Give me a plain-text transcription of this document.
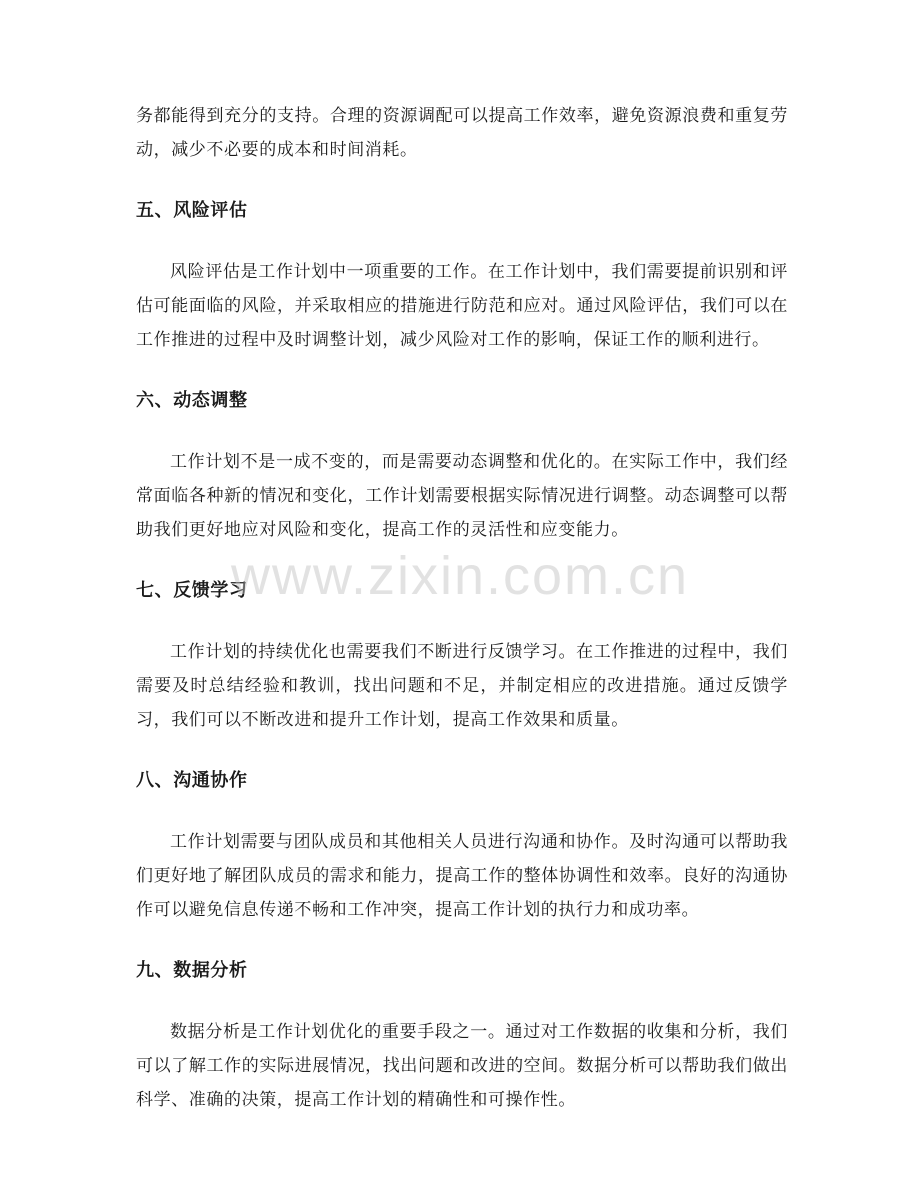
务都能得到充分的支持。合理的资源调配可以提高工作效率，避免资源浪费和重复劳动，减少不必要的成本和时间消耗。

五、风险评估

风险评估是工作计划中一项重要的工作。在工作计划中，我们需要提前识别和评估可能面临的风险，并采取相应的措施进行防范和应对。通过风险评估，我们可以在工作推进的过程中及时调整计划，减少风险对工作的影响，保证工作的顺利进行。

六、动态调整

工作计划不是一成不变的，而是需要动态调整和优化的。在实际工作中，我们经常面临各种新的情况和变化，工作计划需要根据实际情况进行调整。动态调整可以帮助我们更好地应对风险和变化，提高工作的灵活性和应变能力。

七、反馈学习

工作计划的持续优化也需要我们不断进行反馈学习。在工作推进的过程中，我们需要及时总结经验和教训，找出问题和不足，并制定相应的改进措施。通过反馈学习，我们可以不断改进和提升工作计划，提高工作效果和质量。

八、沟通协作

工作计划需要与团队成员和其他相关人员进行沟通和协作。及时沟通可以帮助我们更好地了解团队成员的需求和能力，提高工作的整体协调性和效率。良好的沟通协作可以避免信息传递不畅和工作冲突，提高工作计划的执行力和成功率。

九、数据分析

数据分析是工作计划优化的重要手段之一。通过对工作数据的收集和分析，我们可以了解工作的实际进展情况，找出问题和改进的空间。数据分析可以帮助我们做出科学、准确的决策，提高工作计划的精确性和可操作性。

www.zixin.com.cn
